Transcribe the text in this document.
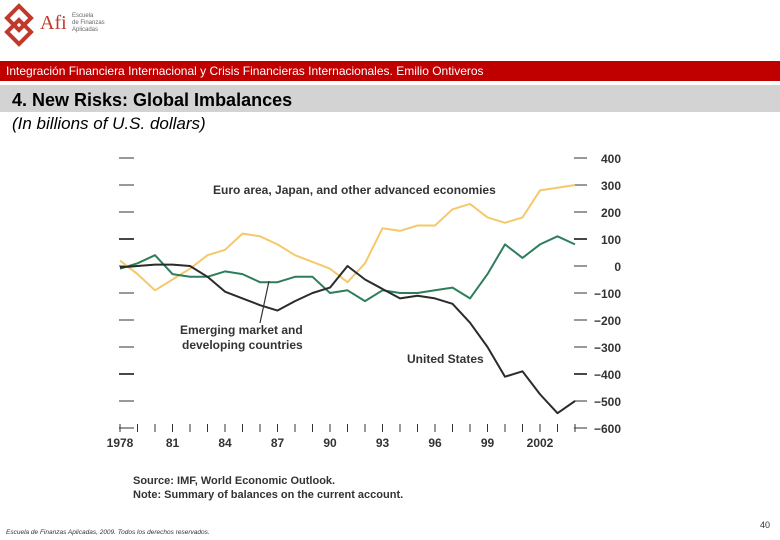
Afi Escuela
de Finanzas
Aplicadas
Integración Financiera Internacional y Crisis Financieras Internacionales. Emilio Ontiveros
4. New Risks: Global Imbalances
(In billions of U.S. dollars)
400
300
200
100
0
−100
−200
−300
−400
−500
−600
1978	81	84	87	90	93	96	99	2002
Euro area, Japan, and other advanced economies
Emerging market and
developing countries
United States
Source: IMF, World Economic Outlook.
Note: Summary of balances on the current account.
Escuela de Finanzas Aplicadas, 2009. Todos los derechos reservados.
40
